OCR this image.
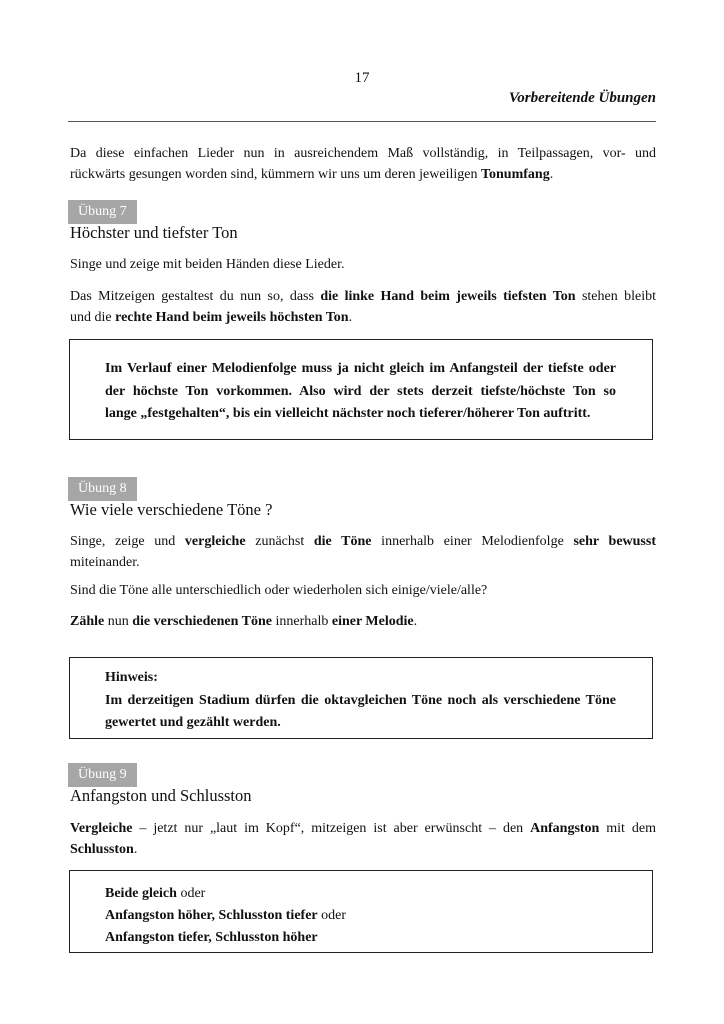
17
Vorbereitende Übungen
Da diese einfachen Lieder nun in ausreichendem Maß vollständig, in Teilpassagen, vor- und
rückwärts gesungen worden sind, kümmern wir uns um deren jeweiligen Tonumfang.
Übung 7
Höchster und tiefster Ton
Singe und zeige mit beiden Händen diese Lieder.
Das Mitzeigen gestaltest du nun so, dass die linke Hand beim jeweils tiefsten Ton stehen bleibt
und die rechte Hand beim jeweils höchsten Ton.
Im Verlauf einer Melodienfolge muss ja nicht gleich im Anfangsteil der tiefste oder
der höchste Ton vorkommen. Also wird der stets derzeit tiefste/höchste Ton so
lange „festgehalten“, bis ein vielleicht nächster noch tieferer/höherer Ton auftritt.
Übung 8
Wie viele verschiedene Töne ?
Singe, zeige und vergleiche zunächst die Töne innerhalb einer Melodienfolge sehr bewusst
miteinander.
Sind die Töne alle unterschiedlich oder wiederholen sich einige/viele/alle?
Zähle nun die verschiedenen Töne innerhalb einer Melodie.
Hinweis:
Im derzeitigen Stadium dürfen die oktavgleichen Töne noch als verschiedene Töne
gewertet und gezählt werden.
Übung 9
Anfangston und Schlusston
Vergleiche – jetzt nur „laut im Kopf“, mitzeigen ist aber erwünscht – den Anfangston mit dem
Schlusston.
Beide gleich oder
Anfangston höher, Schlusston tiefer oder
Anfangston tiefer, Schlusston höher
